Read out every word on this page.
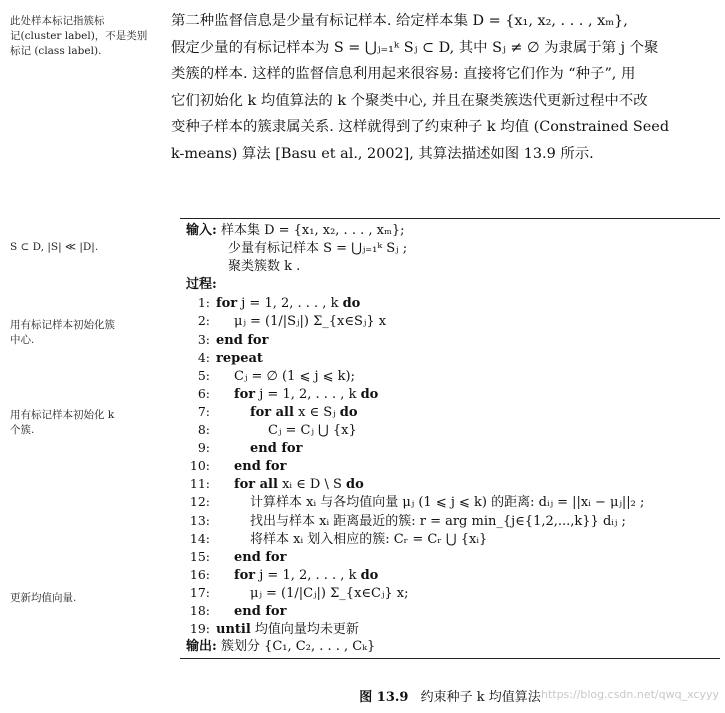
此处样本标记指簇标
记(cluster label)，不是类别
标记 (class label).
S ⊂ D, |S| ≪ |D|.
用有标记样本初始化簇
中心.
用有标记样本初始化 k
个簇.
更新均值向量.
第二种监督信息是少量有标记样本. 给定样本集 D = {x₁, x₂, . . . , xₘ},
假定少量的有标记样本为 S = ⋃ⱼ₌₁ᵏ Sⱼ ⊂ D, 其中 Sⱼ ≠ ∅ 为隶属于第 j 个聚
类簇的样本. 这样的监督信息利用起来很容易: 直接将它们作为 “种子”, 用
它们初始化 k 均值算法的 k 个聚类中心, 并且在聚类簇迭代更新过程中不改
变种子样本的簇隶属关系. 这样就得到了约束种子 k 均值 (Constrained Seed
k-means) 算法 [Basu et al., 2002], 其算法描述如图 13.9 所示.
输入: 样本集 D = {x₁, x₂, . . . , xₘ};
少量有标记样本 S = ⋃ⱼ₌₁ᵏ Sⱼ ;
聚类簇数 k .
过程:
1: for j = 1, 2, . . . , k do
2: μⱼ = (1/|Sⱼ|) Σ_{x∈Sⱼ} x
3: end for
4: repeat
5: Cⱼ = ∅ (1 ⩽ j ⩽ k);
6: for j = 1, 2, . . . , k do
7:	for all x ∈ Sⱼ do
8:	Cⱼ = Cⱼ ⋃ {x}
9:	end for
10: end for
11: for all xᵢ ∈ D \ S do
12:	计算样本 xᵢ 与各均值向量 μⱼ (1 ⩽ j ⩽ k) 的距离: dᵢⱼ = ||xᵢ − μⱼ||₂ ;
13:	找出与样本 xᵢ 距离最近的簇: r = arg min_{j∈{1,2,...,k}} dᵢⱼ ;
14:	将样本 xᵢ 划入相应的簇: Cᵣ = Cᵣ ⋃ {xᵢ}
15: end for
16: for j = 1, 2, . . . , k do
17:	μⱼ = (1/|Cⱼ|) Σ_{x∈Cⱼ} x;
18: end for
19: until 均值向量均未更新
输出: 簇划分 {C₁, C₂, . . . , Cₖ}
图 13.9 约束种子 k 均值算法 https://blog.csdn.net/qwq_xcyyy
